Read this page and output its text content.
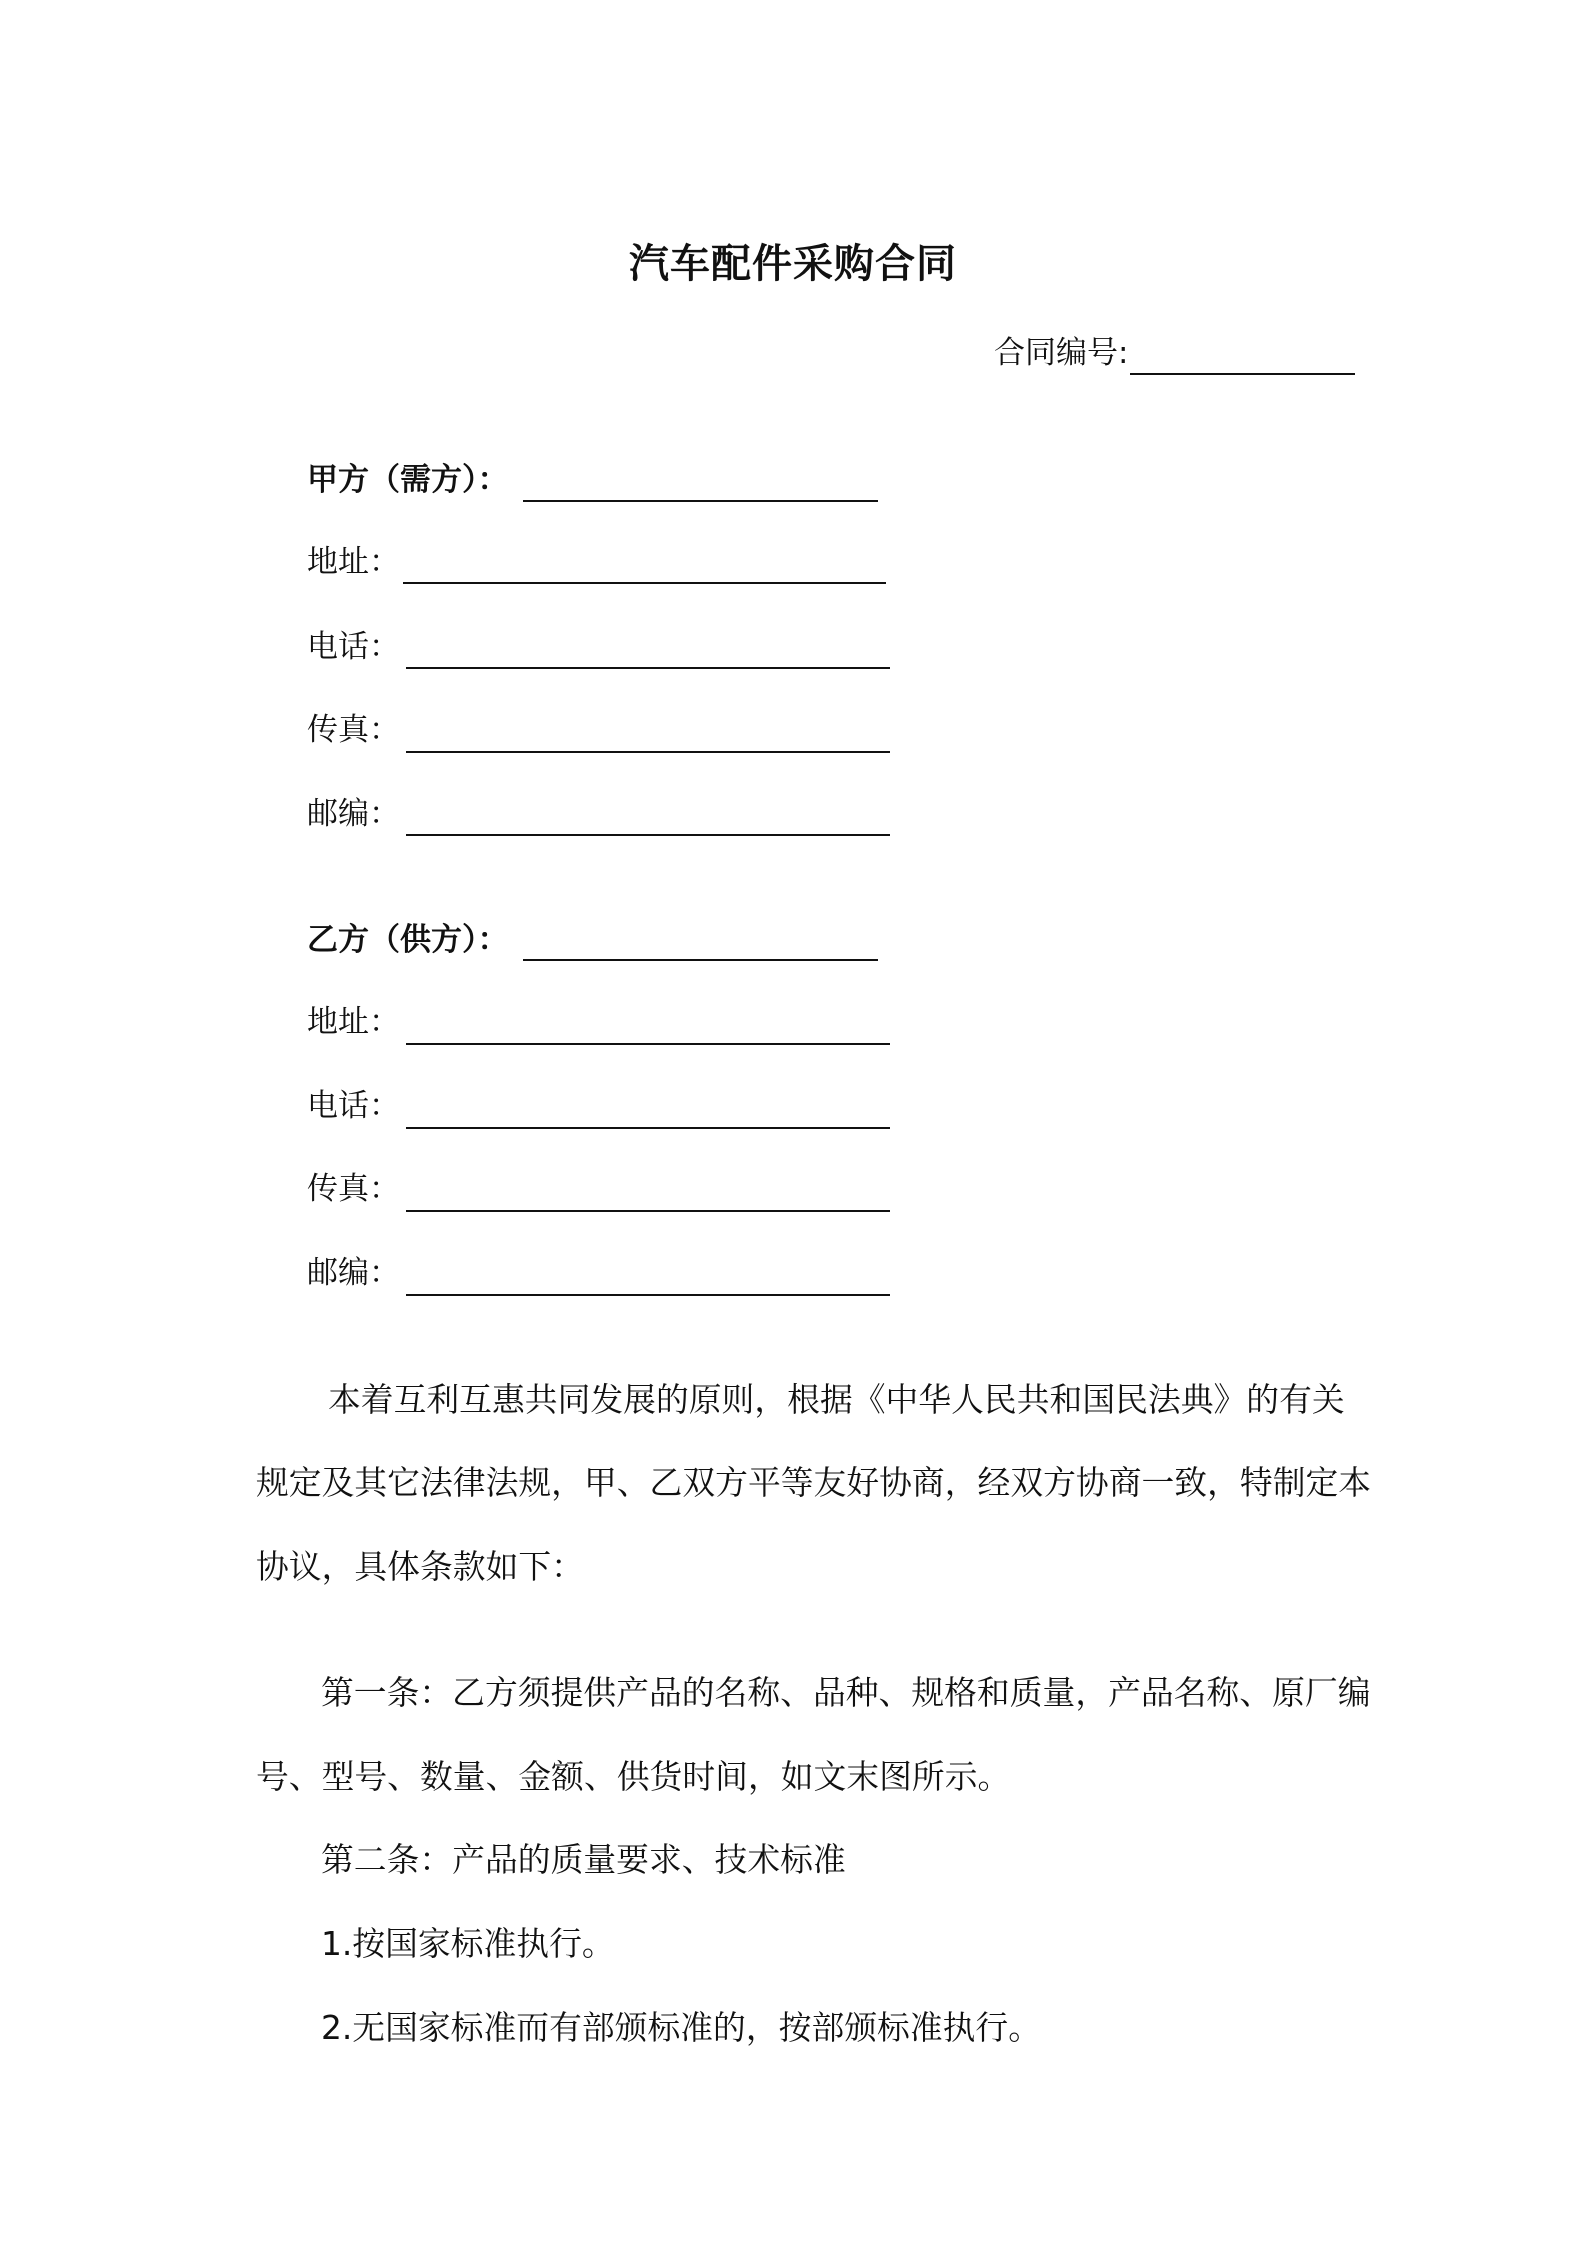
汽车配件采购合同
合同编号:
甲方（需方）：
地址：
电话：
传真：
邮编：
乙方（供方）：
地址：
电话：
传真：
邮编：
本着互利互惠共同发展的原则，根据《中华人民共和国民法典》的有关
规定及其它法律法规，甲、乙双方平等友好协商，经双方协商一致，特制定本
协议，具体条款如下：
第一条：乙方须提供产品的名称、品种、规格和质量，产品名称、原厂编
号、型号、数量、金额、供货时间，如文末图所示。
第二条：产品的质量要求、技术标准
1.按国家标准执行。
2.无国家标准而有部颁标准的，按部颁标准执行。
